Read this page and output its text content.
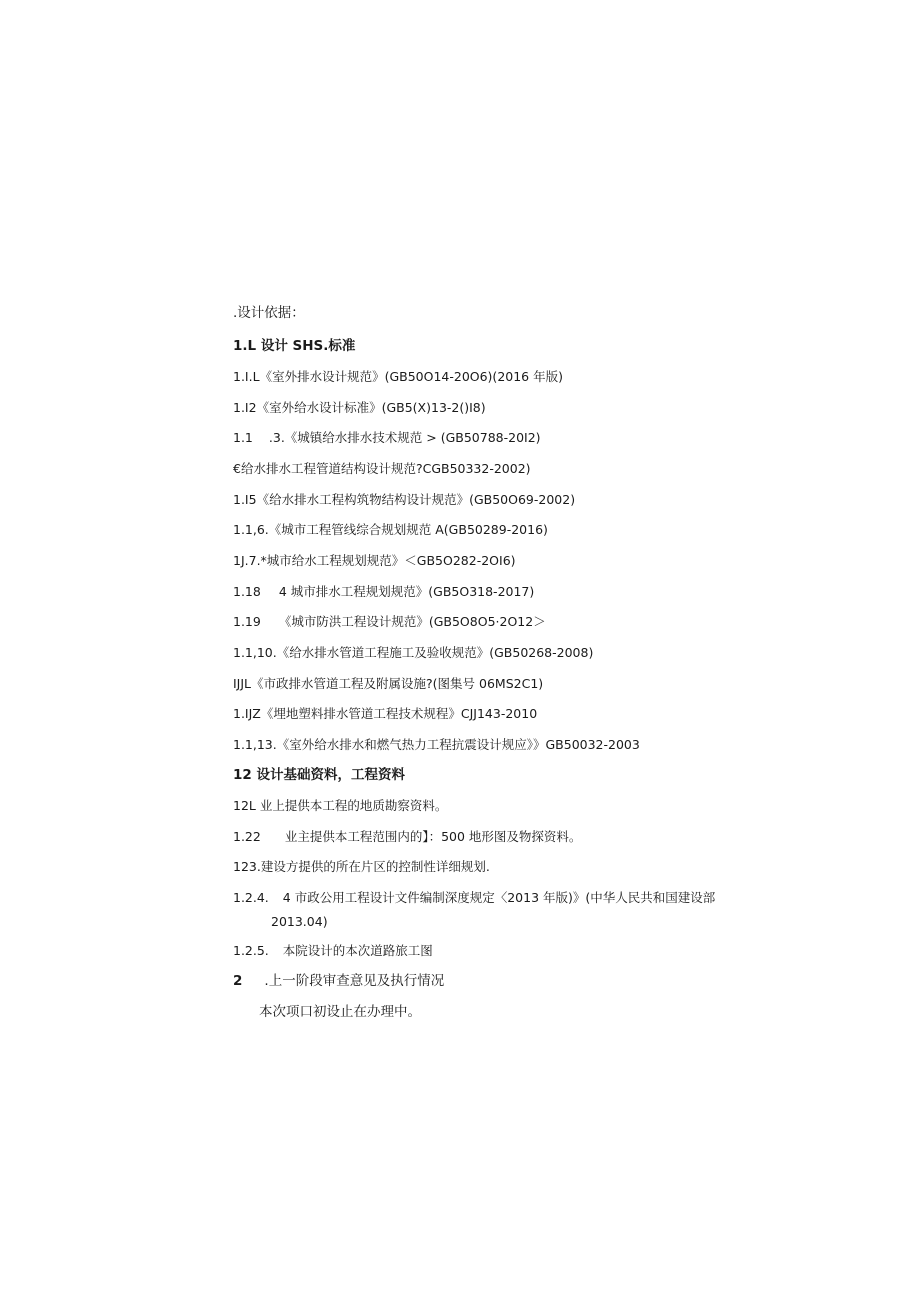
.设计依据：
1.L 设计 SHS.标准
1.I.L《室外排水设计规范》(GB50O14-20O6)(2016 年版)
1.I2《室外给水设计标准》(GB5(X)13-2()I8)
1.1 .3.《城镇给水排水技术规范 > (GB50788-20I2)
€给水排水工程管道结构设计规范?CGB50332-2002)
1.I5《给水排水工程构筑物结构设计规范》(GB50O69-2002)
1.1,6.《城市工程管线综合规划规范 A(GB50289-2016)
1J.7.*城市给水工程规划规范》＜GB5O282-2OI6)
1.18 4 城市排水工程规划规范》(GB5O318-2017)
1.19 《城市防洪工程设计规范》(GB5O8O5·2O12＞
1.1,10.《给水排水管道工程施工及验收规范》(GB50268-2008)
IJJL《市政排水管道工程及附属设施?(图集号 06MS2C1)
1.IJZ《埋地塑料排水管道工程技术规程》CJJ143-2010
1.1,13.《室外给水排水和燃气热力工程抗震设计规应》》GB50032-2003
12 设计基础资料，工程资料
12L 业上提供本工程的地质勘察资料。
1.22 业主提供本工程范围内的】：500 地形图及物探资料。
123.建设方提供的所在片区的控制性详细规划.
1.2.4. 4 市政公用工程设计文件编制深度规定〈2013 年版)》(中华人民共和国建设部
2013.04)
1.2.5. 本院设计的本次道路旅工图
2 .上一阶段审查意见及执行情况
本次项口初设止在办理中。
